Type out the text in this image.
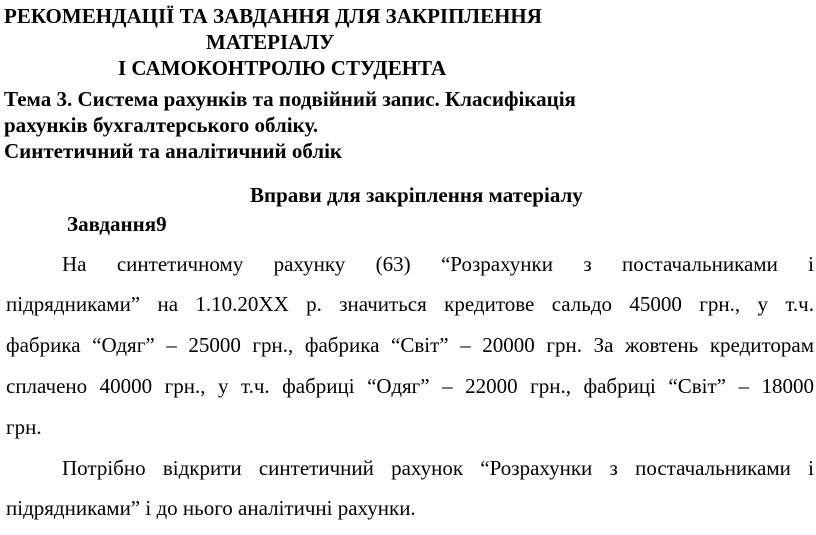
РЕКОМЕНДАЦІЇ ТА ЗАВДАННЯ ДЛЯ ЗАКРІПЛЕННЯ

МАТЕРІАЛУ

І САМОКОНТРОЛЮ СТУДЕНТА

Тема 3. Система рахунків та подвійний запис. Класифікація

рахунків бухгалтерського обліку.

Синтетичний та аналітичний облік

Вправи для закріплення матеріалу

Завдання9

На синтетичному рахунку (63) “Розрахунки з постачальниками і

підрядниками” на 1.10.20ХХ р. значиться кредитове сальдо 45000 грн., у т.ч.

фабрика “Одяг” – 25000 грн., фабрика “Світ” – 20000 грн. За жовтень кредиторам

сплачено 40000 грн., у т.ч. фабриці “Одяг” – 22000 грн., фабриці “Світ” – 18000

грн.

Потрібно відкрити синтетичний рахунок “Розрахунки з постачальниками і

підрядниками” і до нього аналітичні рахунки.
